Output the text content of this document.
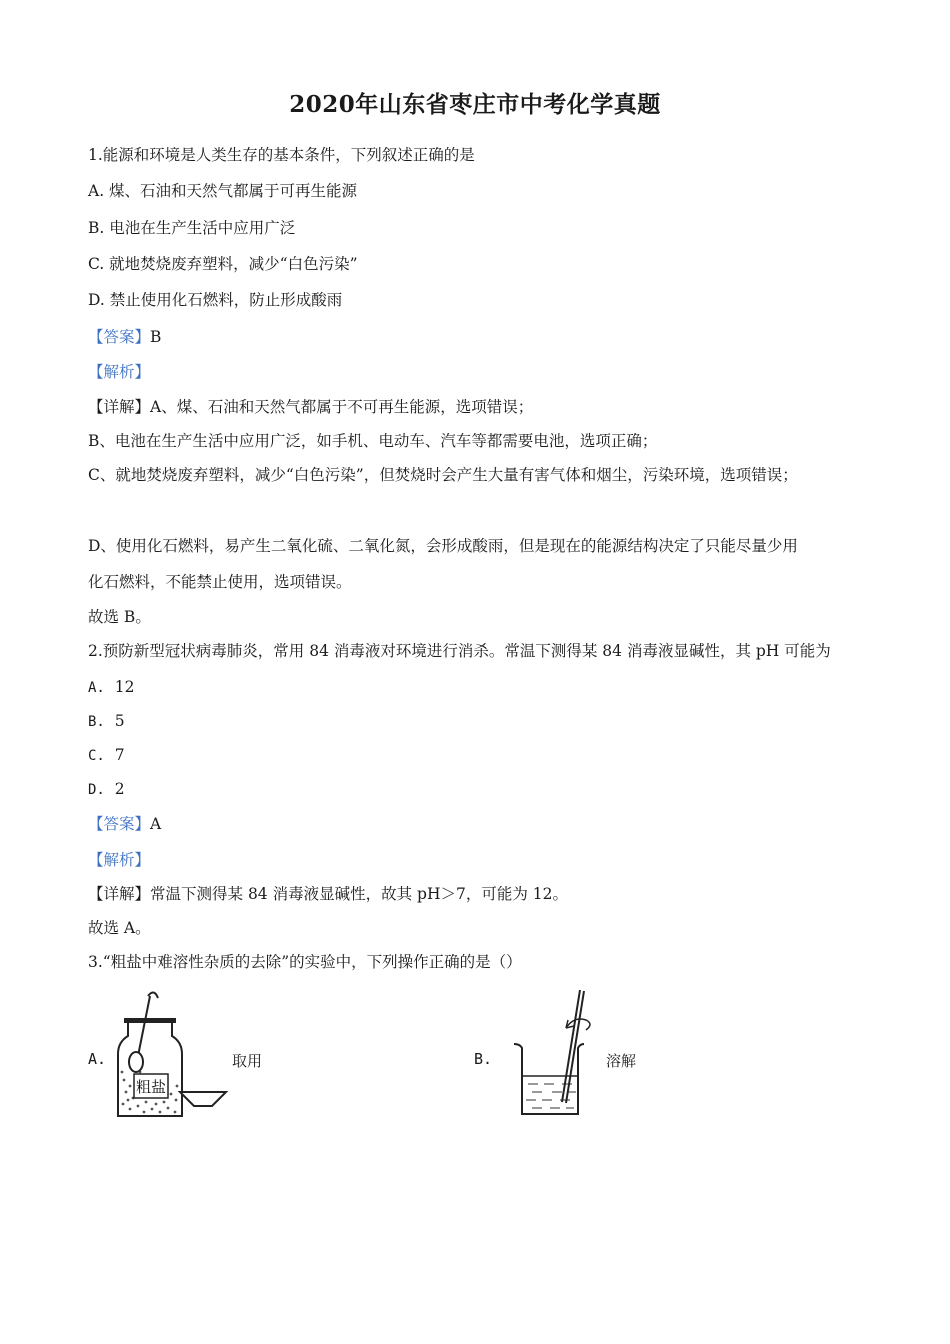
2020年山东省枣庄市中考化学真题
1.能源和环境是人类生存的基本条件，下列叙述正确的是
A. 煤、石油和天然气都属于可再生能源
B. 电池在生产生活中应用广泛
C. 就地焚烧废弃塑料，减少“白色污染”
D. 禁止使用化石燃料，防止形成酸雨
【答案】B
【解析】
【详解】A、煤、石油和天然气都属于不可再生能源，选项错误；
B、电池在生产生活中应用广泛，如手机、电动车、汽车等都需要电池，选项正确；
C、就地焚烧废弃塑料，减少“白色污染”，但焚烧时会产生大量有害气体和烟尘，污染环境，选项错误；
D、使用化石燃料，易产生二氧化硫、二氧化氮，会形成酸雨，但是现在的能源结构决定了只能尽量少用
化石燃料，不能禁止使用，选项错误。
故选 B。
2.预防新型冠状病毒肺炎，常用 84 消毒液对环境进行消杀。常温下测得某 84 消毒液显碱性，其 pH 可能为
A. 12
B. 5
C. 7
D. 2
【答案】A
【解析】
【详解】常温下测得某 84 消毒液显碱性，故其 pH＞7，可能为 12。
故选 A。
3.“粗盐中难溶性杂质的去除”的实验中，下列操作正确的是（）
A.
粗盐
取用	B.	溶解
